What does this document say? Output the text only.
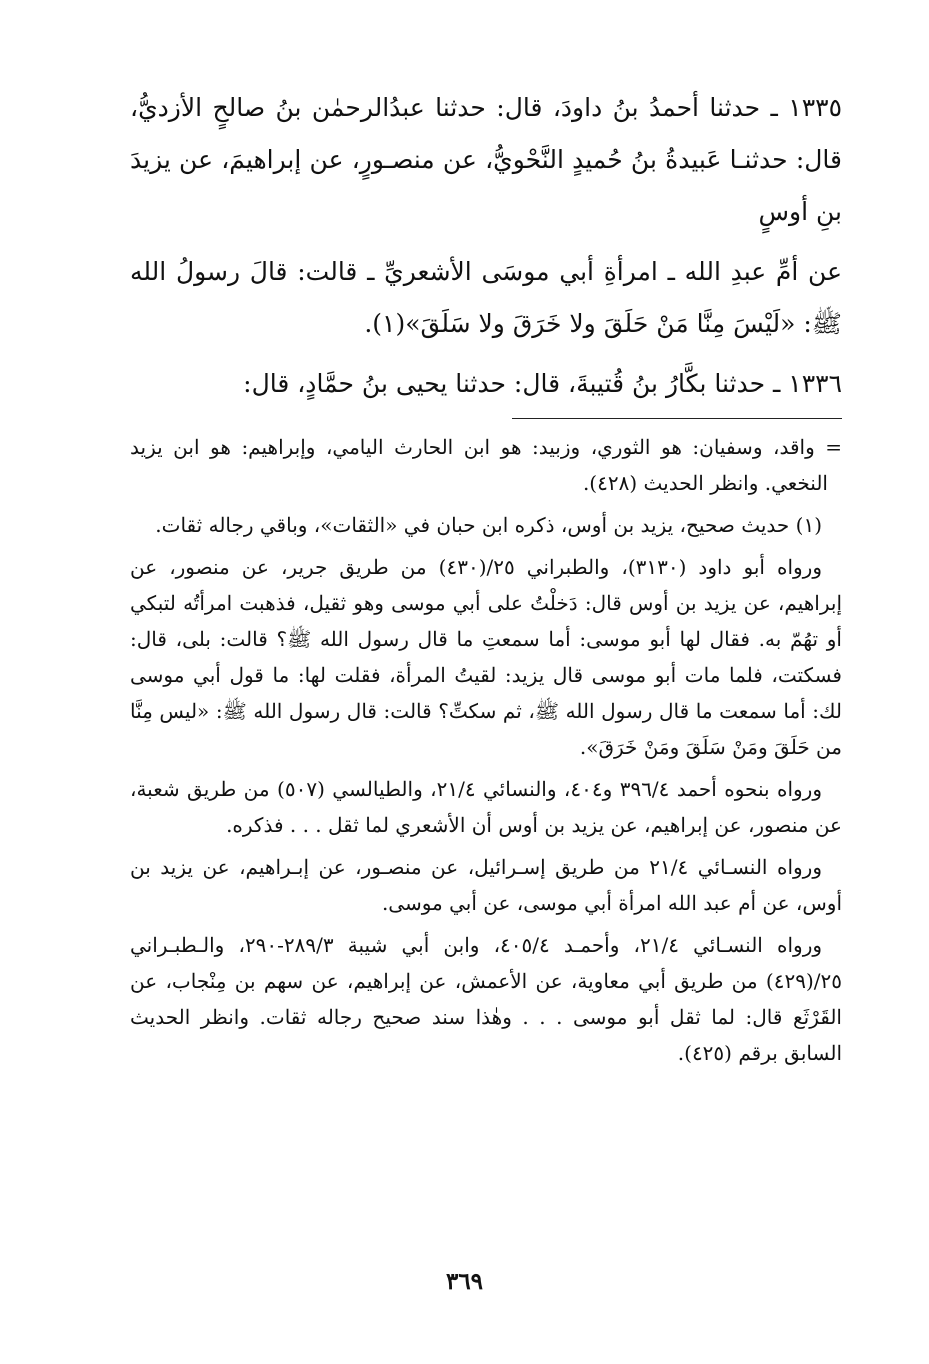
١٣٣٥ ـ حدثنا أحمدُ بنُ داودَ، قال: حدثنا عبدُالرحمٰن بنُ صالحٍ الأزديُّ، قال: حدثنـا عَبيدةُ بنُ حُميدٍ النَّحْويُّ، عن منصـورٍ، عن إبراهيمَ، عن يزيدَ بنِ أوسٍ

عن أمِّ عبدِ الله ـ امرأةِ أبي موسَى الأشعريِّ ـ قالت: قالَ رسولُ الله ﷺ: «لَيْسَ مِنَّا مَنْ حَلَقَ ولا خَرَقَ ولا سَلَقَ»(١).

١٣٣٦ ـ حدثنا بكَّارُ بنُ قُتيبةَ، قال: حدثنا يحيى بنُ حمَّادٍ، قال:

= واقد، وسفيان: هو الثوري، وزبيد: هو ابن الحارث اليامي، وإبراهيم: هو ابن يزيد النخعي. وانظر الحديث (٤٢٨).

(١) حديث صحيح، يزيد بن أوس، ذكره ابن حبان في «الثقات»، وباقي رجاله ثقات.

ورواه أبو داود (٣١٣٠)، والطبراني ٢٥/(٤٣٠) من طريق جرير، عن منصور، عن إبراهيم، عن يزيد بن أوس قال: دَخلْتُ على أبي موسى وهو ثقيل، فذهبت امرأتُه لتبكي أو تهُمّ به. فقال لها أبو موسى: أما سمعتِ ما قال رسول الله ﷺ؟ قالت: بلى، قال: فسكتت، فلما مات أبو موسى قال يزيد: لقيتُ المرأة، فقلت لها: ما قول أبي موسى لك: أما سمعت ما قال رسول الله ﷺ، ثم سكتِّ؟ قالت: قال رسول الله ﷺ: «ليس مِنَّا من حَلَقَ ومَنْ سَلَقَ ومَنْ خَرَقَ».

ورواه بنحوه أحمد ٣٩٦/٤ و٤٠٤، والنسائي ٢١/٤، والطيالسي (٥٠٧) من طريق شعبة، عن منصور، عن إبراهيم، عن يزيد بن أوس أن الأشعري لما ثقل . . . فذكره.

ورواه النسـائي ٢١/٤ من طريق إسـرائيل، عن منصـور، عن إبـراهيم، عن يزيد بن أوس، عن أم عبد الله امرأة أبي موسى، عن أبي موسى.

ورواه النسـائي ٢١/٤، وأحمـد ٤٠٥/٤، وابن أبي شيبة ٢٨٩/٣-٢٩٠، والـطبـراني ٢٥/(٤٢٩) من طريق أبي معاوية، عن الأعمش، عن إبراهيم، عن سهم بن مِنْجاب، عن القَرْثَع قال: لما ثقل أبو موسى . . . وهٰذا سند صحيح رجاله ثقات. وانظر الحديث السابق برقم (٤٢٥).

٣٦٩
